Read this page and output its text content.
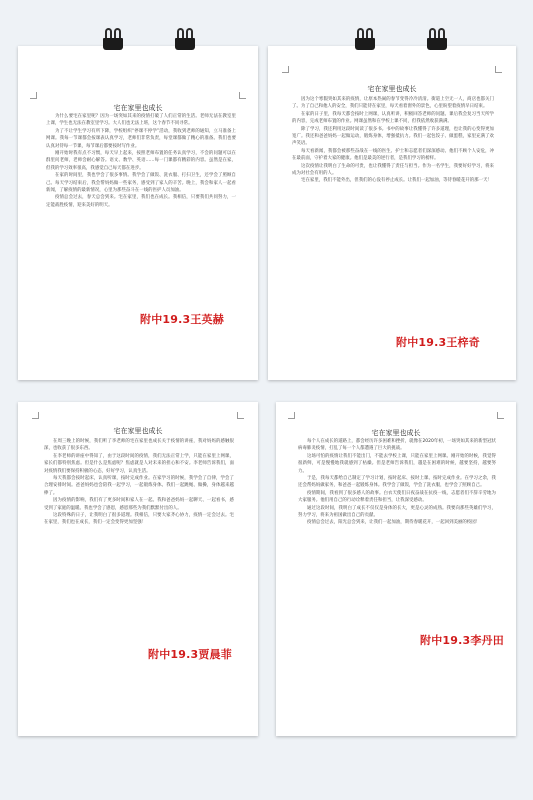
宅在家里也成长

为什么要宅在家里呢？因为一场突如其来的疫情打破了人们正常的生活。老师无法在教室里上课，学生也无法在教室里学习。大人们也无法上班，这个春节不同寻常。

为了不让学生学习有所下降，学校组织“停课不停学”活动，我收到老师的通知，立马准备上网课。我每一节课都会按课表认真学习，老师们非常负责，每堂课都做了精心的准备。我们也要认真对待每一节课，每节课后都要按时写作业。

刚开始时我有点不习惯，每天早上起来，按照老师布置的任务认真学习，不会的问题可以在群里问老师，老师会耐心解答。语文、数学、英语……每一门课都有精彩的内容。虽然是在家，但我的学习效率很高，我感觉自己每天都在进步。

在家的时间里，我也学会了很多事情。我学会了做饭、洗衣服、打扫卫生，还学会了照顾自己。每天学习结束后，我会帮妈妈做一些家务，感受到了家人的辛苦。晚上，我会和家人一起看新闻，了解疫情的最新情况，心里为那些奋斗在一线的医护人员加油。

疫情总会过去，春天总会到来。宅在家里，我们也在成长。我相信，只要我们共同努力，一定能战胜疫情，迎来美好的明天。

附中19.3王英赫
宅在家里也成长

因为这个寒假突如其来的疫情，让原本热闹的春节变得冷冷清清。街道上空无一人，商店也都关门了。为了自己和他人的安全，我们只能待在家里，每天看着窗外的景色，心里盼望着疫情早日结束。

在家的日子里，我每天都会按时上网课，认真听讲，积极回答老师的问题。课后我会复习当天所学的内容，完成老师布置的作业。网课虽然和在学校上课不同，但我依然收获满满。

除了学习，我还利用这段时间读了很多书。书中的故事让我懂得了许多道理，也让我的心变得更加宽广。我还和爸爸妈妈一起做运动，锻炼身体，增强抵抗力。我们一起包饺子、做蛋糕，家里充满了欢声笑语。

每天看新闻，我都会被那些奋战在一线的医生、护士和志愿者们深深感动。他们不顾个人安危，冲在最前面，守护着大家的健康。他们是最美的逆行者，是我们学习的榜样。

这次疫情让我明白了生命的可贵，也让我懂得了责任与担当。作为一名学生，我要好好学习，将来成为对社会有用的人。

宅在家里，我们不能外出，但我们的心没有停止成长。让我们一起加油，等待春暖花开的那一天！

附中19.3王梓奇
宅在家里也成长

在周三晚上的时候，我们听了李老师的宅在家里也成长关于疫情的讲座，我对妈妈的感触很深，也收获了很多东西。

在李老师的讲座中得知了，由于这段时间的疫情，我们无法正常上学，只能在家里上网课，家长们都特别焦虑。但是什么是焦虑呢？焦虑就是人对未来的担心和不安。李老师告诉我们，面对疫情我们要保持积极的心态，好好学习，认真生活。

每天我都会按时起床，认真听课，按时完成作业。在家学习的时候，我学会了自律，学会了合理安排时间。爸爸妈妈也会陪我一起学习，一起锻炼身体。我们一起跳绳、做操，身体越来越棒了。

因为疫情的影响，我们有了更多时间和家人在一起。我和爸爸妈妈一起聊天、一起看书，感受到了家庭的温暖。我也学会了感恩，感恩那些为我们默默付出的人。

这段特殊的日子，让我明白了很多道理。我相信，只要大家齐心协力，疫情一定会过去。宅在家里，我们也在成长，我们一定会变得更加坚强！

附中19.3贾晨菲
宅在家里也成长

每个人在成长的道路上，都会经历许多困难和挫折，就像在2020年初，一场突如其来的新型冠状病毒肺炎疫情，打乱了每一个人都遭遇了巨大的挑战。

这场可怕的疫情让我们不能出门，不能去学校上课，只能在家里上网课。刚开始的时候，我觉得很新鲜，可是慢慢地我就感到了枯燥。但是老师告诉我们，越是在困难的时候，越要坚持，越要努力。

于是，我每天都给自己制定了学习计划，按时起床、按时上课、按时完成作业。在学习之余，我还会帮妈妈做家务，和爸爸一起锻炼身体。我学会了做饭，学会了洗衣服，也学会了照顾自己。

疫情期间，我看到了很多感人的故事。白衣天使们日夜奋战在抗疫一线，志愿者们不辞辛劳地为大家服务。他们用自己的行动诠释着责任和担当，让我深受感动。

通过这段时间，我明白了成长不仅仅是身体的长大，更是心灵的成熟。我要向那些英雄们学习，努力学习，将来为祖国做出自己的贡献。

疫情总会过去，阳光总会到来，让我们一起加油，期待春暖花开，一起回到美丽的校园！

附中19.3李丹田
